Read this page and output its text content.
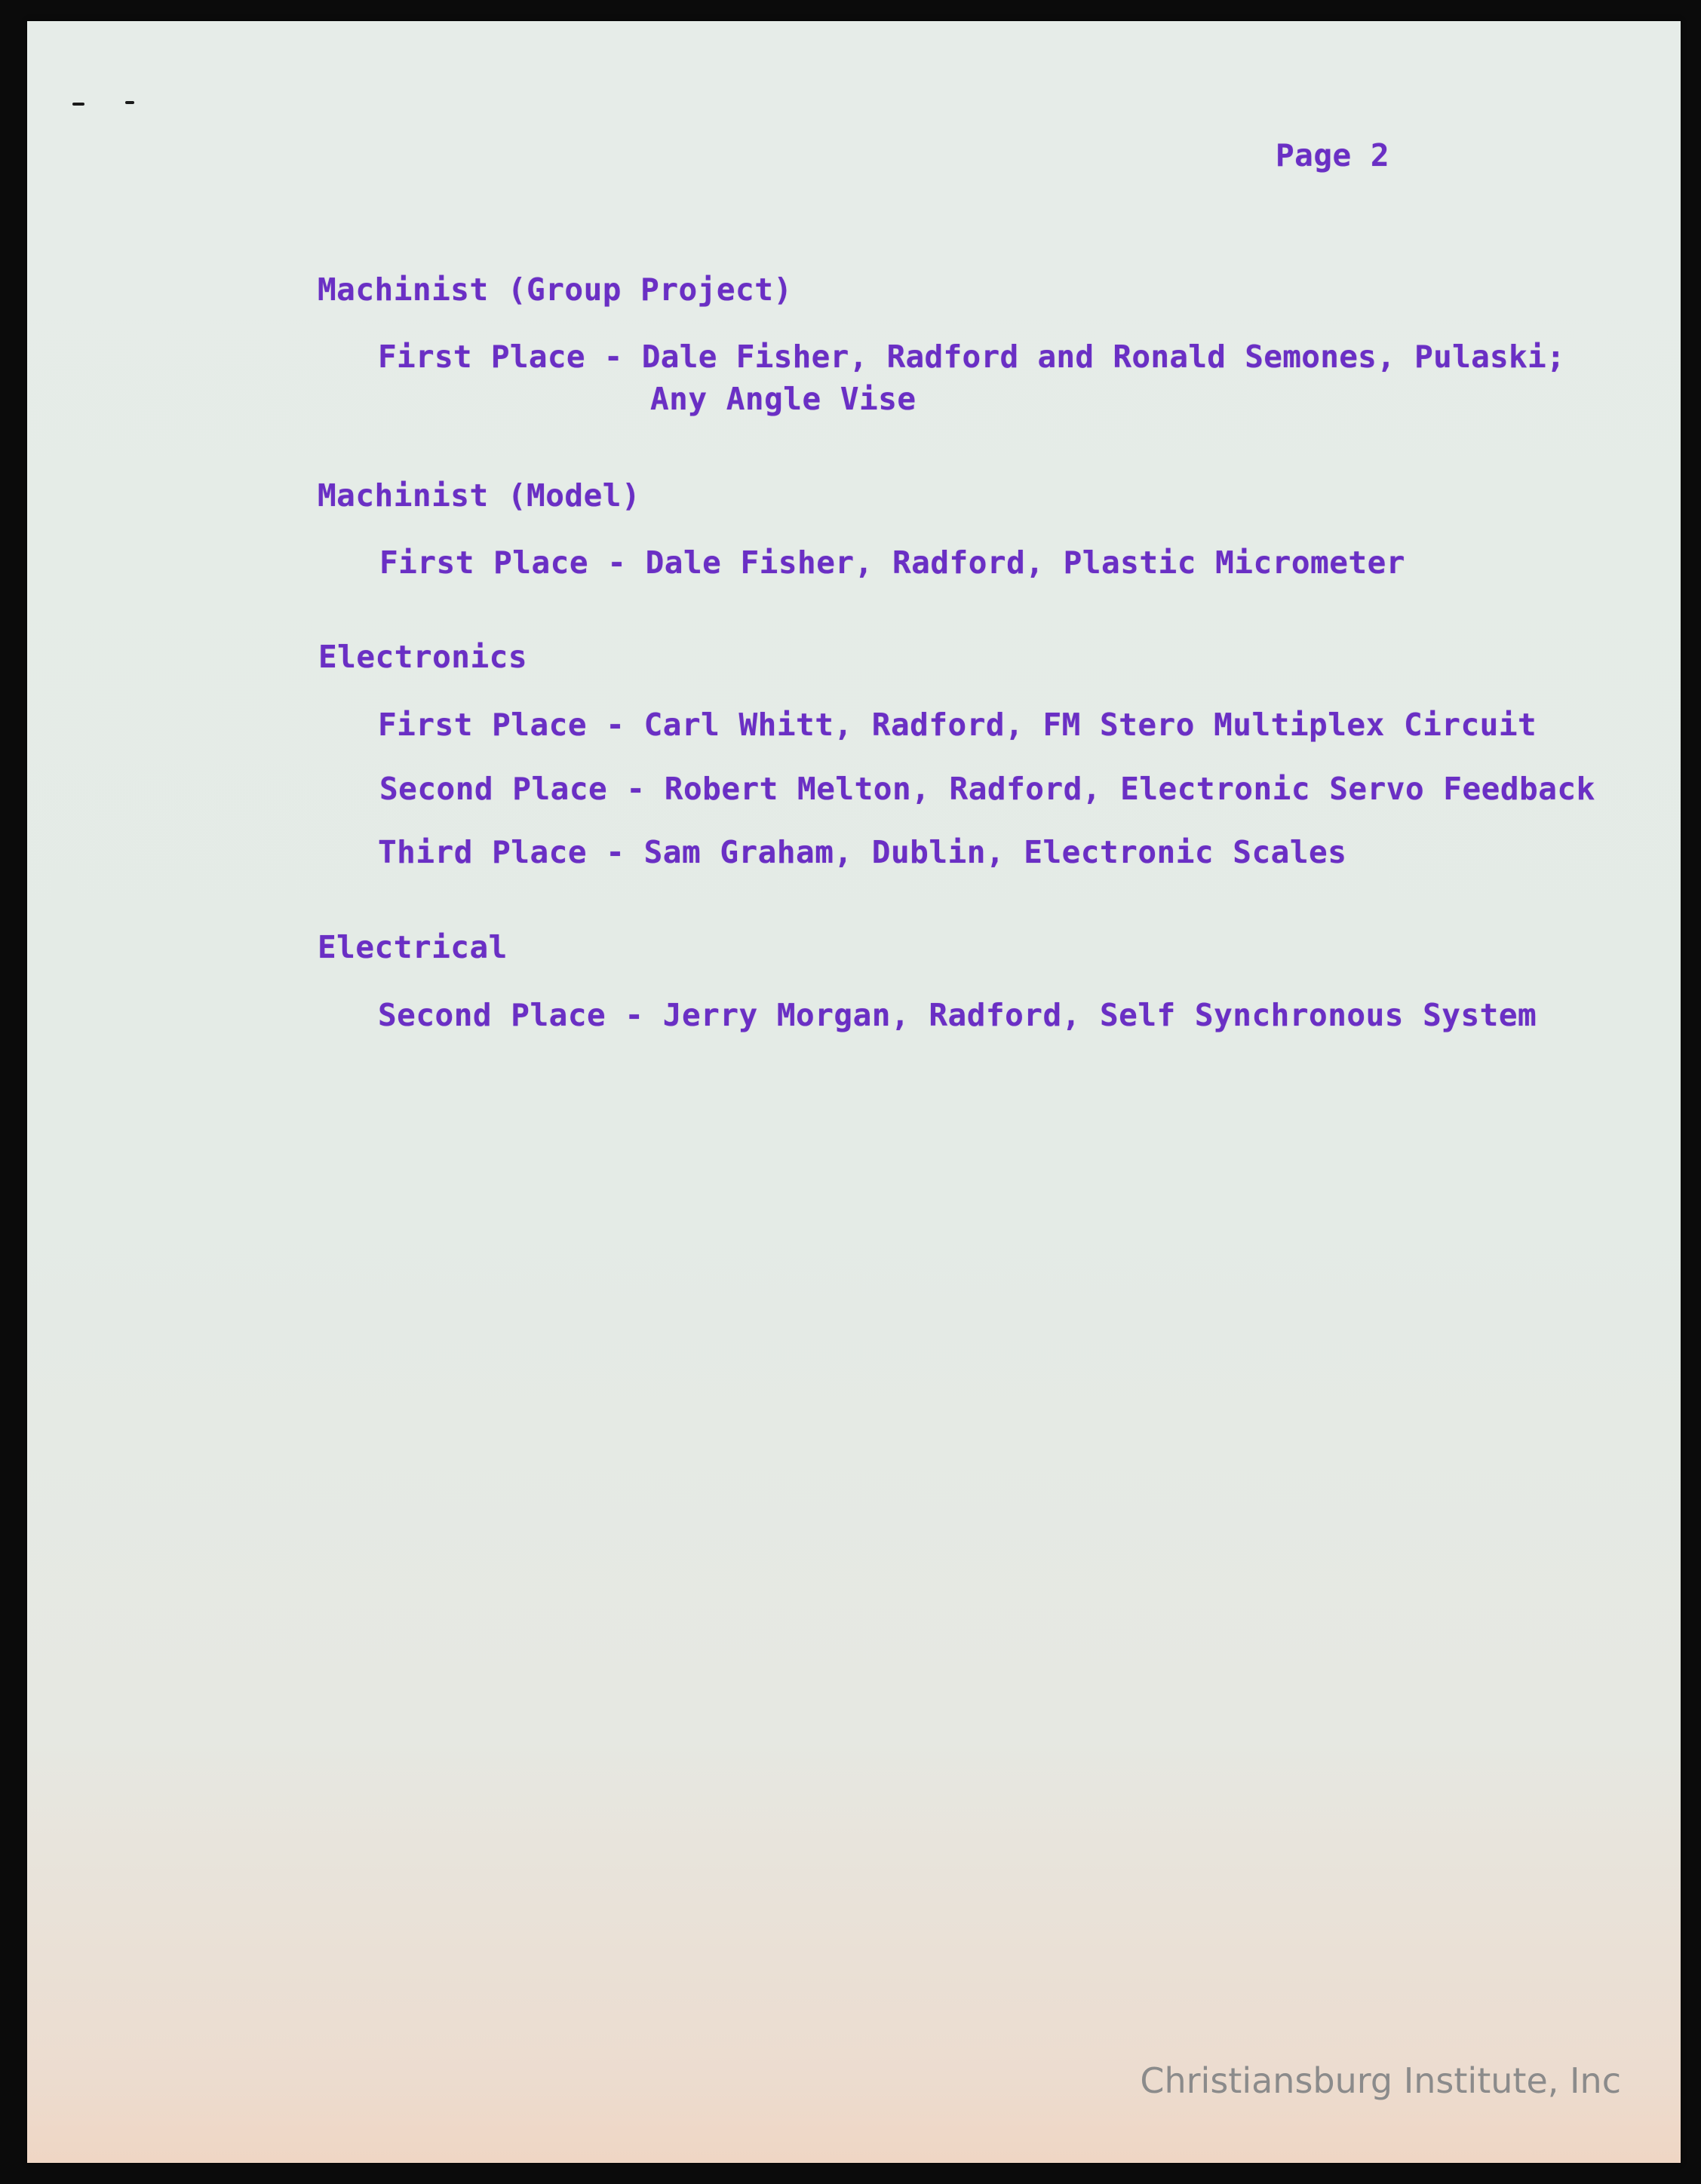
Page 2
Machinist (Group Project)
First Place - Dale Fisher, Radford and Ronald Semones, Pulaski;
Any Angle Vise
Machinist (Model)
First Place - Dale Fisher, Radford, Plastic Micrometer
Electronics
First Place - Carl Whitt, Radford, FM Stero Multiplex Circuit
Second Place - Robert Melton, Radford, Electronic Servo Feedback
Third Place - Sam Graham, Dublin, Electronic Scales
Electrical
Second Place - Jerry Morgan, Radford, Self Synchronous System
Christiansburg Institute, Inc
